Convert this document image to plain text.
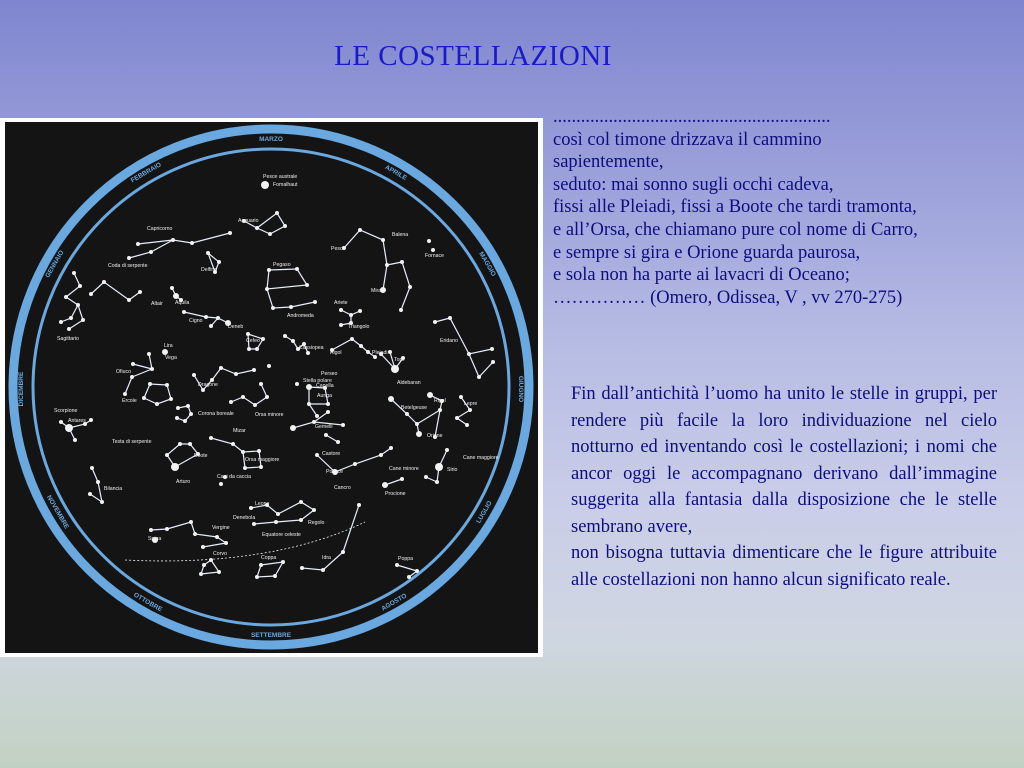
LE COSTELLAZIONI
MARZO
APRILE
MAGGIO
GIUGNO
LUGLIO
AGOSTO
SETTEMBRE
OTTOBRE
NOVEMBRE
DICEMBRE
GENNAIO
FEBBRAIO	Pesce australe
Fomalhaut
Capricorno
Acquario
Pesci
Balena
Fornace
Coda di serpente
Delfino
Pegaso
Altair Aquila
Andromeda
Mira
Ariete
Triangolo
Cigno
Deneb
Sagittario	Cefeo
Cassiopea
Algol
Eridano
Lira
Vega
Pleiadi
Toro
Ofiuco
Stella polare	Aldebaran
Dragone	Capella
Perseo
Rigel
Ercole
Auriga
Betelgeuse
Lepre
Scorpione
Antares
Corona boreale	Orsa minore
Orione
Gemelli
Testa di serpente
Mizar
Castore
Polluce
Cane maggiore
Boote
Orsa maggiore
Cane minore	Sirio
Bilancia
Arturo
Cani da caccia
Cancro
Procione
Leone
Denebola
Regolo
Vergine
Spiga
Equatore celeste
Corvo
Coppa	Idra	Poppa
............................................................
così col timone drizzava il cammino
sapientemente,
seduto: mai sonno sugli occhi cadeva,
fissi alle Pleiadi, fissi a Boote che tardi tramonta,
e all’Orsa, che chiamano pure col nome di Carro,
e sempre si gira e Orione guarda paurosa,
e sola non ha parte ai lavacri di Oceano;
…………… (Omero, Odissea, V , vv 270-275)

Fin dall’antichità l’uomo ha unito le stelle in gruppi, per rendere più facile la loro individuazione nel cielo notturno ed inventando così le costellazioni; i nomi che ancor oggi le accompagnano derivano dall’immagine suggerita alla fantasia dalla disposizione che le stelle sembrano avere,

non bisogna tuttavia dimenticare che le figure attribuite alle costellazioni non hanno alcun significato reale.
